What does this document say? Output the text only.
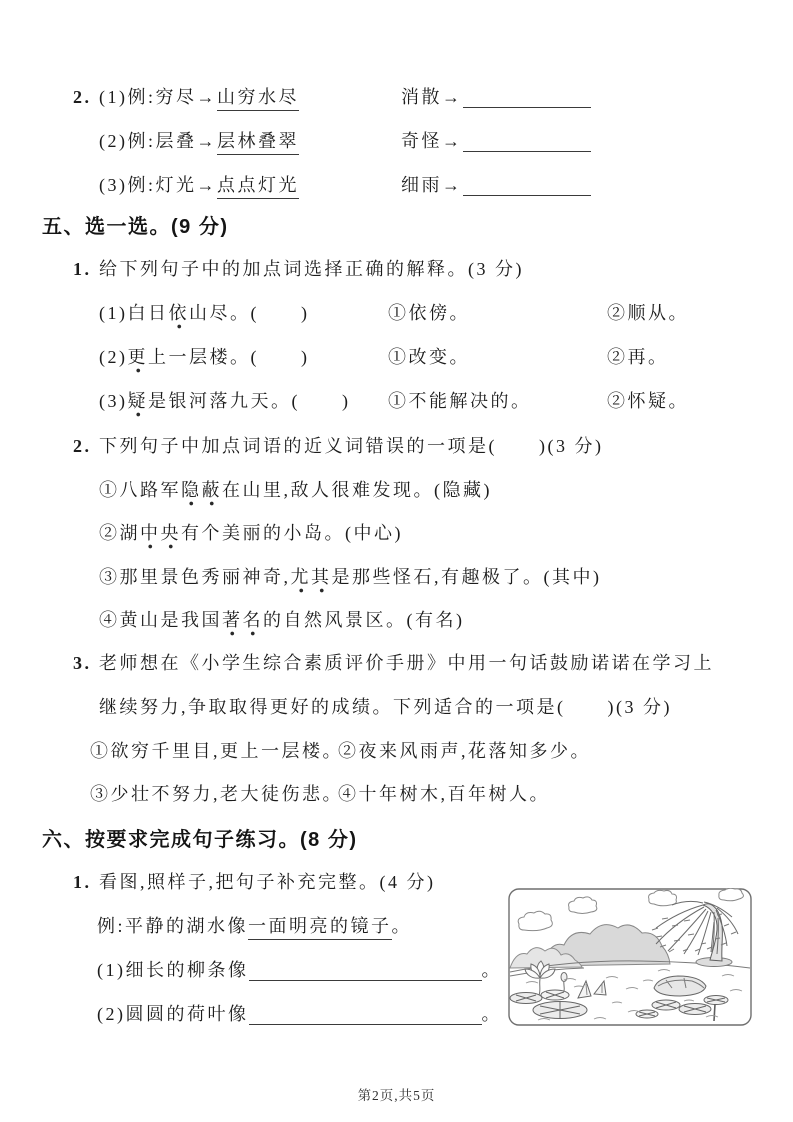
2. (1)例:穷尽→山穷水尽	消散→
(2)例:层叠→层林叠翠	奇怪→
(3)例:灯光→点点灯光	细雨→
五、选一选。(9 分)
1. 给下列句子中的加点词选择正确的解释。(3 分)
(1)白日依山尽。(      )	①依傍。	②顺从。
(2)更上一层楼。(      )	①改变。	②再。
(3)疑是银河落九天。(      ) ①不能解决的。	②怀疑。
2. 下列句子中加点词语的近义词错误的一项是(      )(3 分)
①八路军隐蔽在山里,敌人很难发现。(隐藏)
②湖中央有个美丽的小岛。(中心)
③那里景色秀丽神奇,尤其是那些怪石,有趣极了。(其中)
④黄山是我国著名的自然风景区。(有名)
3. 老师想在《小学生综合素质评价手册》中用一句话鼓励诺诺在学习上
继续努力,争取取得更好的成绩。下列适合的一项是(      )(3 分)
①欲穷千里目,更上一层楼。
②夜来风雨声,花落知多少。
③少壮不努力,老大徒伤悲。
④十年树木,百年树人。
六、按要求完成句子练习。(8 分)
1. 看图,照样子,把句子补充完整。(4 分)
例:平静的湖水像一面明亮的镜子。
(1)细长的柳条像	。
(2)圆圆的荷叶像	。
第2页,共5页
